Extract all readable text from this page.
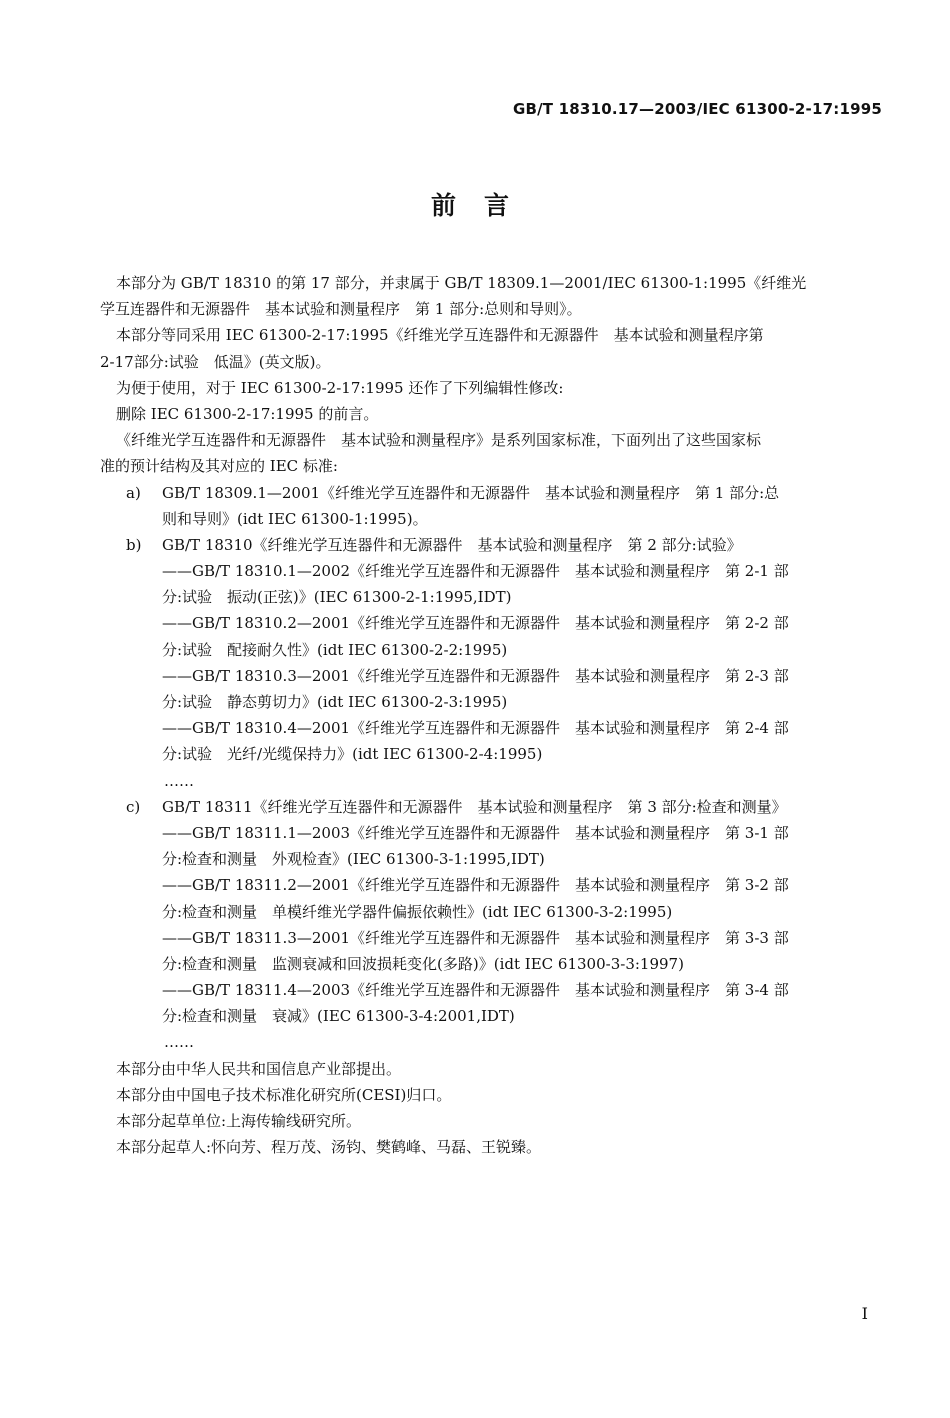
GB/T 18310.17—2003/IEC 61300-2-17:1995
前言
本部分为 GB/T 18310 的第 17 部分，并隶属于 GB/T 18309.1—2001/IEC 61300-1:1995《纤维光
学互连器件和无源器件　基本试验和测量程序　第 1 部分:总则和导则》。
本部分等同采用 IEC 61300-2-17:1995《纤维光学互连器件和无源器件　基本试验和测量程序第
2-17部分:试验　低温》(英文版)。
为便于使用，对于 IEC 61300-2-17:1995 还作了下列编辑性修改:
删除 IEC 61300-2-17:1995 的前言。
《纤维光学互连器件和无源器件　基本试验和测量程序》是系列国家标准，下面列出了这些国家标
准的预计结构及其对应的 IEC 标准:
a) GB/T 18309.1—2001《纤维光学互连器件和无源器件　基本试验和测量程序　第 1 部分:总
则和导则》(idt IEC 61300-1:1995)。
b) GB/T 18310《纤维光学互连器件和无源器件　基本试验和测量程序　第 2 部分:试验》
——GB/T 18310.1—2002《纤维光学互连器件和无源器件　基本试验和测量程序　第 2-1 部
分:试验　振动(正弦)》(IEC 61300-2-1:1995,IDT)
——GB/T 18310.2—2001《纤维光学互连器件和无源器件　基本试验和测量程序　第 2-2 部
分:试验　配接耐久性》(idt IEC 61300-2-2:1995)
——GB/T 18310.3—2001《纤维光学互连器件和无源器件　基本试验和测量程序　第 2-3 部
分:试验　静态剪切力》(idt IEC 61300-2-3:1995)
——GB/T 18310.4—2001《纤维光学互连器件和无源器件　基本试验和测量程序　第 2-4 部
分:试验　光纤/光缆保持力》(idt IEC 61300-2-4:1995)
……
c) GB/T 18311《纤维光学互连器件和无源器件　基本试验和测量程序　第 3 部分:检查和测量》
——GB/T 18311.1—2003《纤维光学互连器件和无源器件　基本试验和测量程序　第 3-1 部
分:检查和测量　外观检查》(IEC 61300-3-1:1995,IDT)
——GB/T 18311.2—2001《纤维光学互连器件和无源器件　基本试验和测量程序　第 3-2 部
分:检查和测量　单模纤维光学器件偏振依赖性》(idt IEC 61300-3-2:1995)
——GB/T 18311.3—2001《纤维光学互连器件和无源器件　基本试验和测量程序　第 3-3 部
分:检查和测量　监测衰减和回波损耗变化(多路)》(idt IEC 61300-3-3:1997)
——GB/T 18311.4—2003《纤维光学互连器件和无源器件　基本试验和测量程序　第 3-4 部
分:检查和测量　衰减》(IEC 61300-3-4:2001,IDT)
……
本部分由中华人民共和国信息产业部提出。
本部分由中国电子技术标准化研究所(CESI)归口。
本部分起草单位:上海传输线研究所。
本部分起草人:怀向芳、程万茂、汤钧、樊鹤峰、马磊、王锐臻。
I
